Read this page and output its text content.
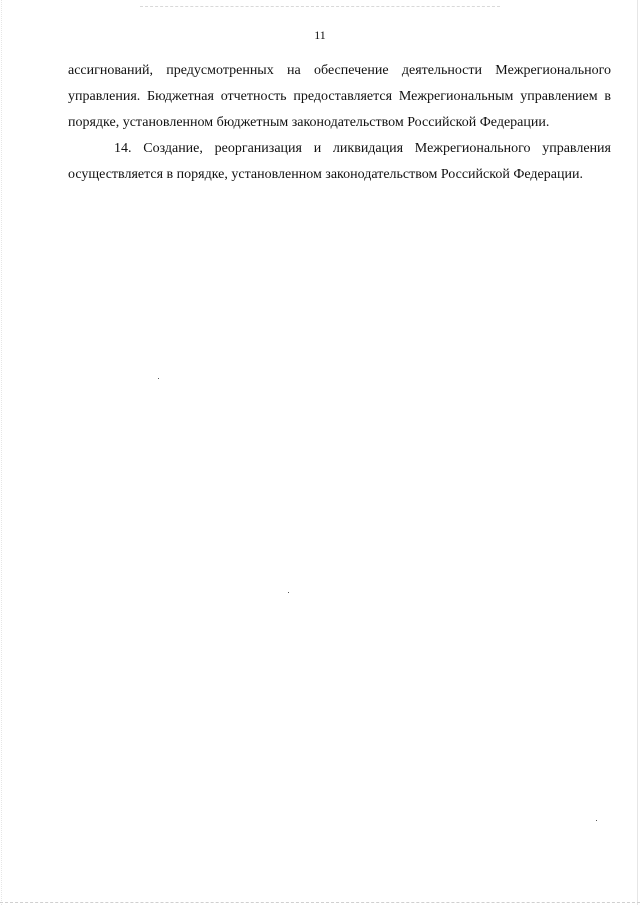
11

ассигнований, предусмотренных на обеспечение деятельности Межрегионального управления. Бюджетная отчетность предоставляется Межрегиональным управлением в порядке, установленном бюджетным законодательством Российской Федерации.

14. Создание, реорганизация и ликвидация Межрегионального управления осуществляется в порядке, установленном законодательством Российской Федерации.
